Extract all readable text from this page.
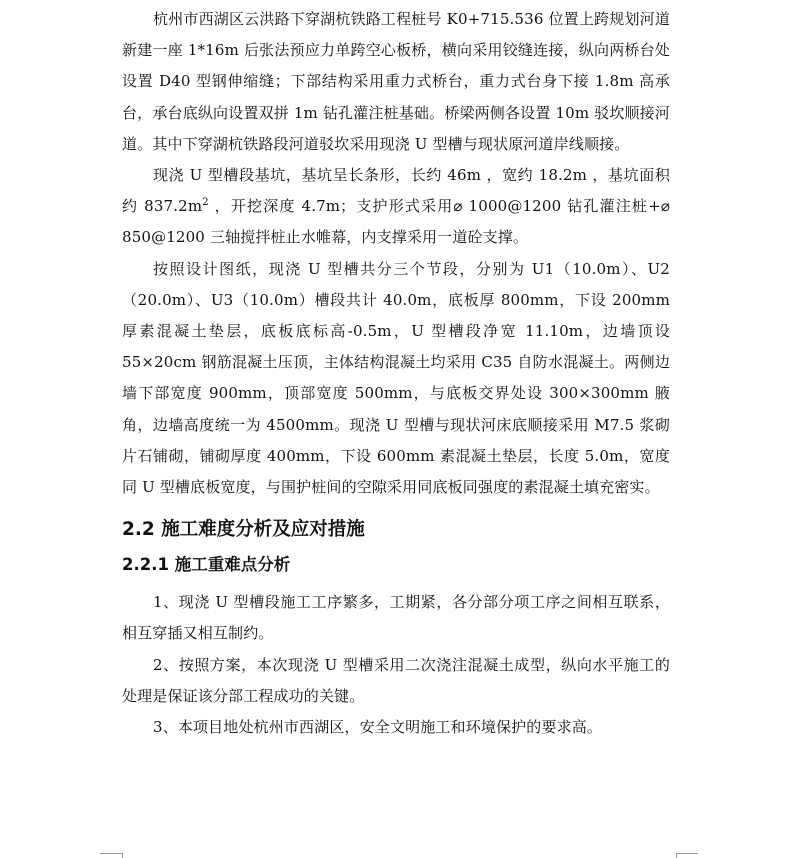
杭州市西湖区云洪路下穿湖杭铁路工程桩号 K0+715.536 位置上跨规划河道新建一座 1*16m 后张法预应力单跨空心板桥，横向采用铰缝连接，纵向两桥台处设置 D40 型钢伸缩缝；下部结构采用重力式桥台，重力式台身下接 1.8m 高承台，承台底纵向设置双拼 1m 钻孔灌注桩基础。桥梁两侧各设置 10m 驳坎顺接河道。其中下穿湖杭铁路段河道驳坎采用现浇 U 型槽与现状原河道岸线顺接。

现浇 U 型槽段基坑，基坑呈长条形，长约 46m ，宽约 18.2m ，基坑面积约 $837.2m^2$ ，开挖深度 4.7m；支护形式采用⌀ 1000@1200 钻孔灌注桩+⌀ 850@1200 三轴搅拌桩止水帷幕，内支撑采用一道砼支撑。

按照设计图纸，现浇 U 型槽共分三个节段，分别为 U1（10.0m）、U2（20.0m）、U3（10.0m）槽段共计 40.0m，底板厚 800mm，下设 200mm 厚素混凝土垫层，底板底标高-0.5m，U 型槽段净宽 11.10m，边墙顶设 55×20cm 钢筋混凝土压顶，主体结构混凝土均采用 C35 自防水混凝土。两侧边墙下部宽度 900mm，顶部宽度 500mm，与底板交界处设 300×300mm 腋角，边墙高度统一为 4500mm。现浇 U 型槽与现状河床底顺接采用 M7.5 浆砌片石铺砌，铺砌厚度 400mm，下设 600mm 素混凝土垫层，长度 5.0m，宽度同 U 型槽底板宽度，与围护桩间的空隙采用同底板同强度的素混凝土填充密实。

2.2 施工难度分析及应对措施
2.2.1 施工重难点分析

1、现浇 U 型槽段施工工序繁多，工期紧，各分部分项工序之间相互联系，相互穿插又相互制约。

2、按照方案，本次现浇 U 型槽采用二次浇注混凝土成型，纵向水平施工的处理是保证该分部工程成功的关键。

3、本项目地处杭州市西湖区，安全文明施工和环境保护的要求高。
